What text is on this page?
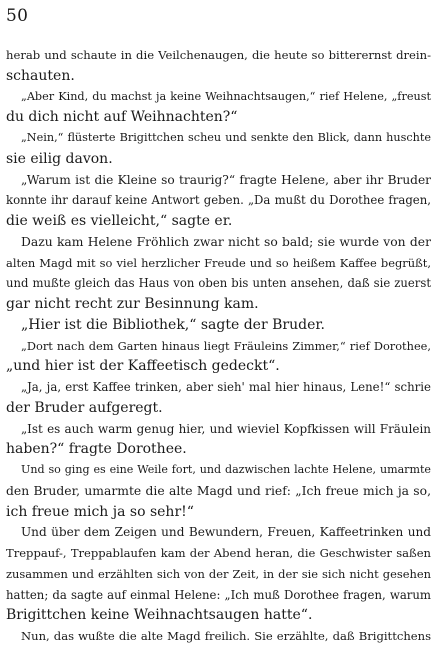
50
herab und schaute in die Veilchenaugen, die heute so bitterernst drein-
schauten.
„Aber Kind, du machst ja keine Weihnachtsaugen,“ rief Helene, „freust
du dich nicht auf Weihnachten?“
„Nein,“ flüsterte Brigittchen scheu und senkte den Blick, dann huschte
sie eilig davon.
„Warum ist die Kleine so traurig?“ fragte Helene, aber ihr Bruder
konnte ihr darauf keine Antwort geben. „Da mußt du Dorothee fragen,
die weiß es vielleicht,“ sagte er.
Dazu kam Helene Fröhlich zwar nicht so bald; sie wurde von der
alten Magd mit so viel herzlicher Freude und so heißem Kaffee begrüßt,
und mußte gleich das Haus von oben bis unten ansehen, daß sie zuerst
gar nicht recht zur Besinnung kam.
„Hier ist die Bibliothek,“ sagte der Bruder.
„Dort nach dem Garten hinaus liegt Fräuleins Zimmer,“ rief Dorothee,
„und hier ist der Kaffeetisch gedeckt“.
„Ja, ja, erst Kaffee trinken, aber sieh' mal hier hinaus, Lene!“ schrie
der Bruder aufgeregt.
„Ist es auch warm genug hier, und wieviel Kopfkissen will Fräulein
haben?“ fragte Dorothee.
Und so ging es eine Weile fort, und dazwischen lachte Helene, umarmte
den Bruder, umarmte die alte Magd und rief: „Ich freue mich ja so,
ich freue mich ja so sehr!“
Und über dem Zeigen und Bewundern, Freuen, Kaffeetrinken und
Treppauf-, Treppablaufen kam der Abend heran, die Geschwister saßen
zusammen und erzählten sich von der Zeit, in der sie sich nicht gesehen
hatten; da sagte auf einmal Helene: „Ich muß Dorothee fragen, warum
Brigittchen keine Weihnachtsaugen hatte“.
Nun, das wußte die alte Magd freilich. Sie erzählte, daß Brigittchens
